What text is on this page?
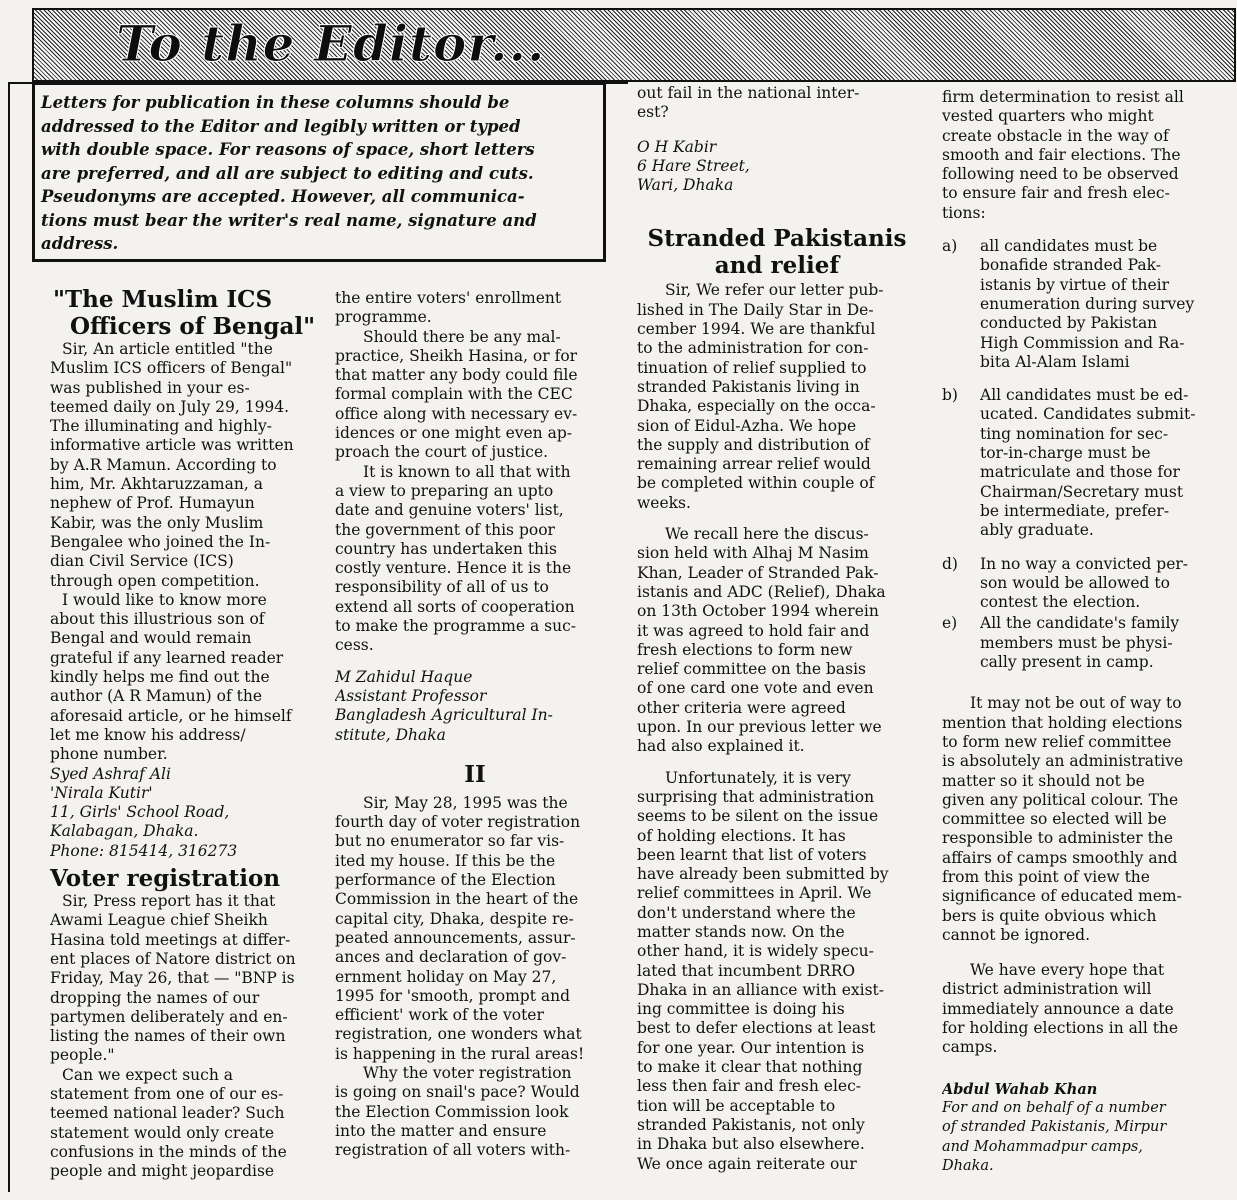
To the Editor...

Letters for publication in these columns should be

addressed to the Editor and legibly written or typed

with double space. For reasons of space, short letters

are preferred, and all are subject to editing and cuts.

Pseudonyms are accepted. However, all communica-

tions must bear the writer's real name, signature and

address.

"The Muslim ICS

Officers of Bengal"

Sir, An article entitled "the

Muslim ICS officers of Bengal"

was published in your es-

teemed daily on July 29, 1994.

The illuminating and highly-

informative article was written

by A.R Mamun. According to

him, Mr. Akhtaruzzaman, a

nephew of Prof. Humayun

Kabir, was the only Muslim

Bengalee who joined the In-

dian Civil Service (ICS)

through open competition.

I would like to know more

about this illustrious son of

Bengal and would remain

grateful if any learned reader

kindly helps me find out the

author (A R Mamun) of the

aforesaid article, or he himself

let me know his address/

phone number.

Syed Ashraf Ali

'Nirala Kutir'

11, Girls' School Road,

Kalabagan, Dhaka.

Phone: 815414, 316273

Voter registration

Sir, Press report has it that

Awami League chief Sheikh

Hasina told meetings at differ-

ent places of Natore district on

Friday, May 26, that — "BNP is

dropping the names of our

partymen deliberately and en-

listing the names of their own

people."

Can we expect such a

statement from one of our es-

teemed national leader? Such

statement would only create

confusions in the minds of the

people and might jeopardise

the entire voters' enrollment

programme.

Should there be any mal-

practice, Sheikh Hasina, or for

that matter any body could file

formal complain with the CEC

office along with necessary ev-

idences or one might even ap-

proach the court of justice.

It is known to all that with

a view to preparing an upto

date and genuine voters' list,

the government of this poor

country has undertaken this

costly venture. Hence it is the

responsibility of all of us to

extend all sorts of cooperation

to make the programme a suc-

cess.

M Zahidul Haque

Assistant Professor

Bangladesh Agricultural In-

stitute, Dhaka

II

Sir, May 28, 1995 was the

fourth day of voter registration

but no enumerator so far vis-

ited my house. If this be the

performance of the Election

Commission in the heart of the

capital city, Dhaka, despite re-

peated announcements, assur-

ances and declaration of gov-

ernment holiday on May 27,

1995 for 'smooth, prompt and

efficient' work of the voter

registration, one wonders what

is happening in the rural areas!

Why the voter registration

is going on snail's pace? Would

the Election Commission look

into the matter and ensure

registration of all voters with-

out fail in the national inter-

est?

O H Kabir

6 Hare Street,

Wari, Dhaka

Stranded Pakistanis

and relief

Sir, We refer our letter pub-

lished in The Daily Star in De-

cember 1994. We are thankful

to the administration for con-

tinuation of relief supplied to

stranded Pakistanis living in

Dhaka, especially on the occa-

sion of Eidul-Azha. We hope

the supply and distribution of

remaining arrear relief would

be completed within couple of

weeks.

We recall here the discus-

sion held with Alhaj M Nasim

Khan, Leader of Stranded Pak-

istanis and ADC (Relief), Dhaka

on 13th October 1994 wherein

it was agreed to hold fair and

fresh elections to form new

relief committee on the basis

of one card one vote and even

other criteria were agreed

upon. In our previous letter we

had also explained it.

Unfortunately, it is very

surprising that administration

seems to be silent on the issue

of holding elections. It has

been learnt that list of voters

have already been submitted by

relief committees in April. We

don't understand where the

matter stands now. On the

other hand, it is widely specu-

lated that incumbent DRRO

Dhaka in an alliance with exist-

ing committee is doing his

best to defer elections at least

for one year. Our intention is

to make it clear that nothing

less then fair and fresh elec-

tion will be acceptable to

stranded Pakistanis, not only

in Dhaka but also elsewhere.

We once again reiterate our

firm determination to resist all

vested quarters who might

create obstacle in the way of

smooth and fair elections. The

following need to be observed

to ensure fair and fresh elec-

tions:

a) all candidates must be

bonafide stranded Pak-

istanis by virtue of their

enumeration during survey

conducted by Pakistan

High Commission and Ra-

bita Al-Alam Islami

b) All candidates must be ed-

ucated. Candidates submit-

ting nomination for sec-

tor-in-charge must be

matriculate and those for

Chairman/Secretary must

be intermediate, prefer-

ably graduate.

d) In no way a convicted per-

son would be allowed to

contest the election.

e) All the candidate's family

members must be physi-

cally present in camp.

It may not be out of way to

mention that holding elections

to form new relief committee

is absolutely an administrative

matter so it should not be

given any political colour. The

committee so elected will be

responsible to administer the

affairs of camps smoothly and

from this point of view the

significance of educated mem-

bers is quite obvious which

cannot be ignored.

We have every hope that

district administration will

immediately announce a date

for holding elections in all the

camps.

Abdul Wahab Khan

For and on behalf of a number

of stranded Pakistanis, Mirpur

and Mohammadpur camps,

Dhaka.
